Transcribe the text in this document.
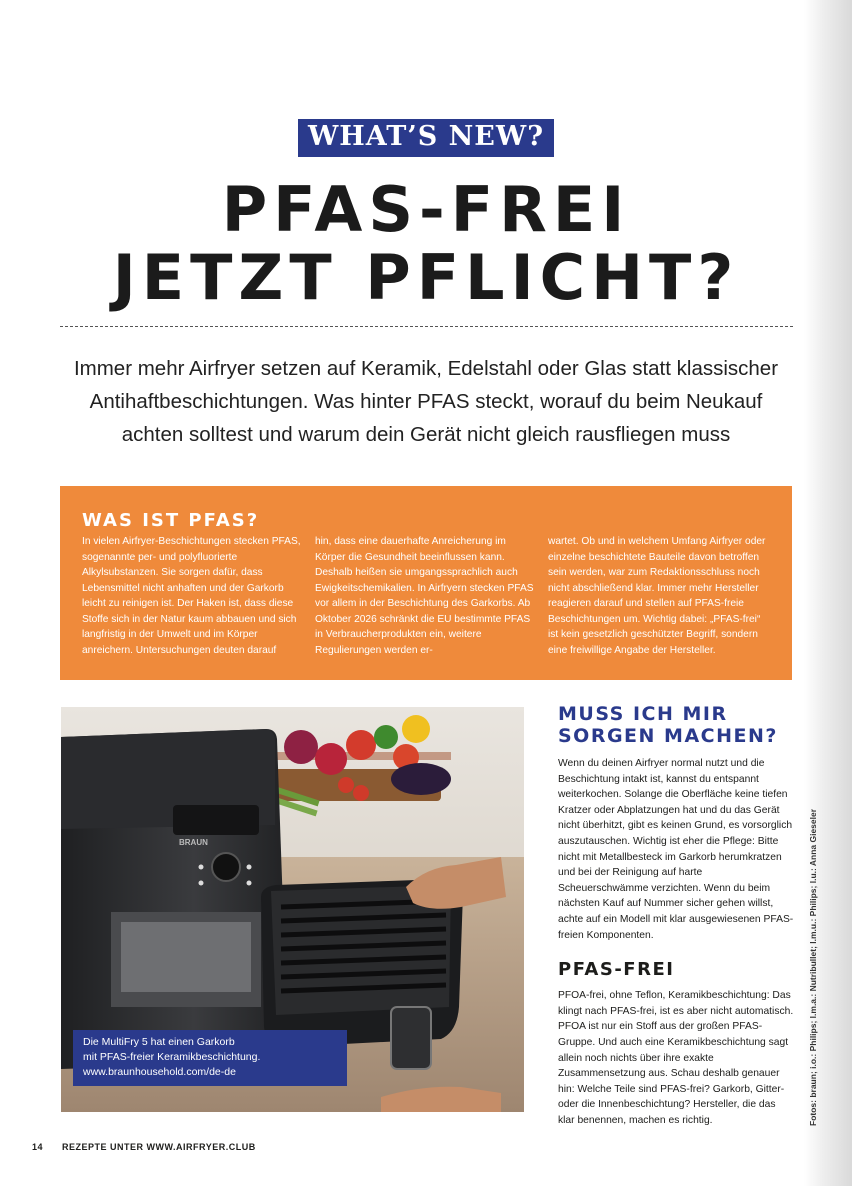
WHAT’S NEW?
PFAS-FREI
JETZT PFLICHT?

Immer mehr Airfryer setzen auf Keramik, Edelstahl oder Glas statt klassischer
Antihaftbeschichtungen. Was hinter PFAS steckt, worauf du beim Neukauf
achten solltest und warum dein Gerät nicht gleich rausfliegen muss

WAS IST PFAS?

In vielen Airfryer-Beschichtungen stecken PFAS, sogenannte per- und polyfluorierte Alkylsubstanzen. Sie sorgen dafür, dass Lebensmittel nicht anhaften und der Garkorb leicht zu reinigen ist. Der Haken ist, dass diese Stoffe sich in der Natur kaum abbauen und sich langfristig in der Umwelt und im Körper anreichern. Untersuchungen deuten darauf

hin, dass eine dauerhafte Anreicherung im Körper die Gesundheit beeinflussen kann. Deshalb heißen sie umgangssprachlich auch Ewigkeitschemikalien. In Airfryern stecken PFAS vor allem in der Beschichtung des Garkorbs. Ab Oktober 2026 schränkt die EU bestimmte PFAS in Verbraucherprodukten ein, weitere Regulierungen werden er-

wartet. Ob und in welchem Umfang Airfryer oder einzelne beschichtete Bauteile davon betroffen sein werden, war zum Redaktionsschluss noch nicht abschließend klar. Immer mehr Hersteller reagieren darauf und stellen auf PFAS-freie Beschichtungen um. Wichtig dabei: „PFAS-frei“ ist kein gesetzlich geschützter Begriff, sondern eine freiwillige Angabe der Hersteller.

BRAUN
Die MultiFry 5 hat einen Garkorb
mit PFAS-freier Keramikbeschichtung.
www.braunhousehold.com/de-de
MUSS ICH MIR
SORGEN MACHEN?

Wenn du deinen Airfryer normal nutzt und die Beschichtung intakt ist, kannst du entspannt weiterkochen. Solange die Oberfläche keine tiefen Kratzer oder Abplatzungen hat und du das Gerät nicht überhitzt, gibt es keinen Grund, es vorsorglich auszutauschen. Wichtig ist eher die Pflege: Bitte nicht mit Metallbesteck im Garkorb herumkratzen und bei der Reinigung auf harte Scheuerschwämme verzichten. Wenn du beim nächsten Kauf auf Nummer sicher gehen willst, achte auf ein Modell mit klar ausgewiesenen PFAS-freien Komponenten.

PFAS-FREI

PFOA-frei, ohne Teflon, Keramikbeschichtung: Das klingt nach PFAS-frei, ist es aber nicht automatisch. PFOA ist nur ein Stoff aus der großen PFAS-Gruppe. Und auch eine Keramikbeschichtung sagt allein noch nichts über ihre exakte Zusammensetzung aus. Schau deshalb genauer hin: Welche Teile sind PFAS-frei? Garkorb, Gitter- oder die Innenbeschichtung? Hersteller, die das klar benennen, machen es richtig.	Fotos: braun; i.o.: Philips; l.m.a.: Nutribullet; l.m.u.: Philips; l.u.: Anna Gieseler
14 REZEPTE UNTER WWW.AIRFRYER.CLUB
